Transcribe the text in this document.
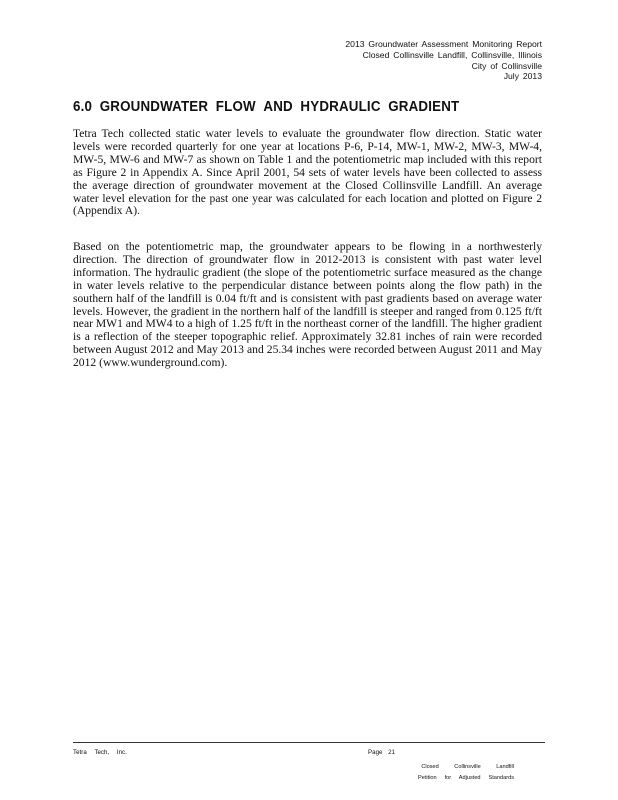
2013 Groundwater Assessment Monitoring Report
Closed Collinsville Landfill, Collinsville, Illinois
City of Collinsville
July 2013
6.0 GROUNDWATER FLOW AND HYDRAULIC GRADIENT

Tetra Tech collected static water levels to evaluate the groundwater flow direction. Static water levels were recorded quarterly for one year at locations P-6, P-14, MW-1, MW-2, MW-3, MW-4, MW-5, MW-6 and MW-7 as shown on Table 1 and the potentiometric map included with this report as Figure 2 in Appendix A. Since April 2001, 54 sets of water levels have been collected to assess the average direction of groundwater movement at the Closed Collinsville Landfill. An average water level elevation for the past one year was calculated for each location and plotted on Figure 2 (Appendix A).

Based on the potentiometric map, the groundwater appears to be flowing in a northwesterly direction. The direction of groundwater flow in 2012-2013 is consistent with past water level information. The hydraulic gradient (the slope of the potentiometric surface measured as the change in water levels relative to the perpendicular distance between points along the flow path) in the southern half of the landfill is 0.04 ft/ft and is consistent with past gradients based on average water levels. However, the gradient in the northern half of the landfill is steeper and ranged from 0.125 ft/ft near MW1 and MW4 to a high of 1.25 ft/ft in the northeast corner of the landfill. The higher gradient is a reflection of the steeper topographic relief. Approximately 32.81 inches of rain were recorded between August 2012 and May 2013 and 25.34 inches were recorded between August 2011 and May 2012 (www.wunderground.com).

Tetra Tech, Inc.	Page 21
Closed Collinsville Landfill
Petition for Adjusted Standards
